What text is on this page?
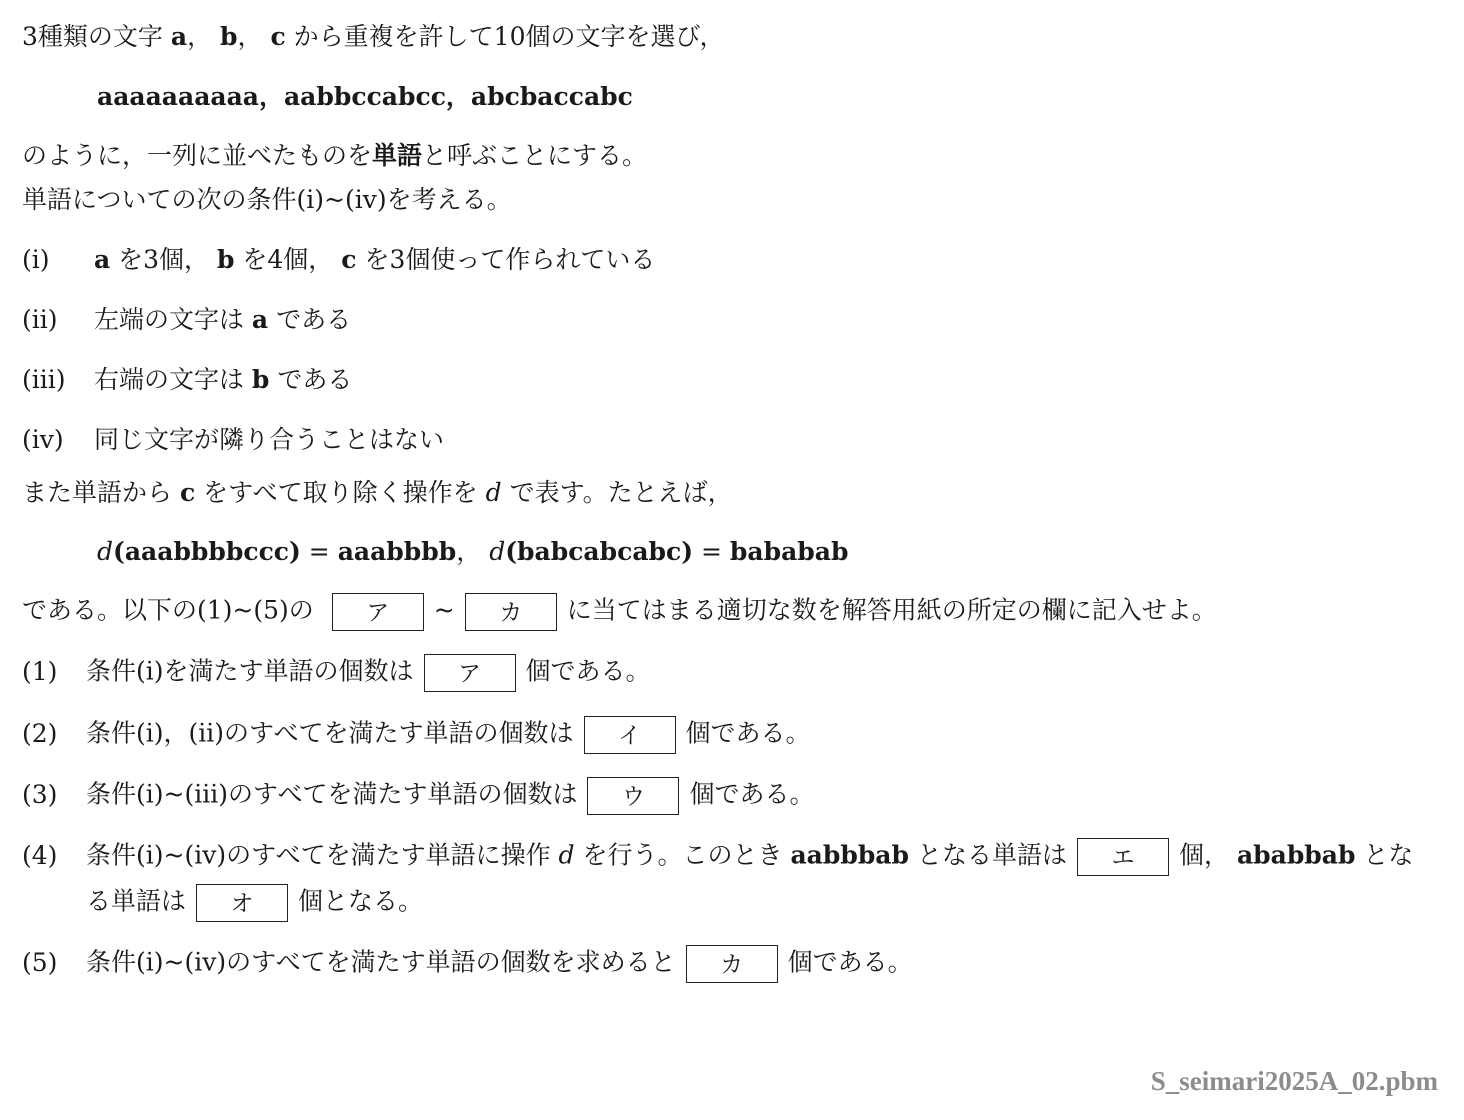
3種類の文字 a， b， c から重複を許して10個の文字を選び，
aaaaaaaaaa，aabbccabcc，abcbaccabc
のように，一列に並べたものを単語と呼ぶことにする。
単語についての次の条件(ⅰ)~(ⅳ)を考える。
(ⅰ) a を3個， b を4個， c を3個使って作られている
(ⅱ) 左端の文字は a である
(ⅲ) 右端の文字は b である
(ⅳ) 同じ文字が隣り合うことはない
また単語から c をすべて取り除く操作を d で表す。たとえば，
d(aaabbbbccc) = aaabbbb， d(babcabcabc) = bababab
である。以下の(1)~(5)の ア ~ カ に当てはまる適切な数を解答用紙の所定の欄に記入せよ。
(1) 条件(ⅰ)を満たす単語の個数は ア 個である。
(2) 条件(ⅰ)，(ⅱ)のすべてを満たす単語の個数は イ 個である。
(3) 条件(ⅰ)~(ⅲ)のすべてを満たす単語の個数は ウ 個である。
(4) 条件(ⅰ)~(ⅳ)のすべてを満たす単語に操作 d を行う。このとき aabbbab となる単語は エ 個， ababbab とな
る単語は オ 個となる。
(5) 条件(ⅰ)~(ⅳ)のすべてを満たす単語の個数を求めると カ 個である。
S_seimari2025A_02.pbm
